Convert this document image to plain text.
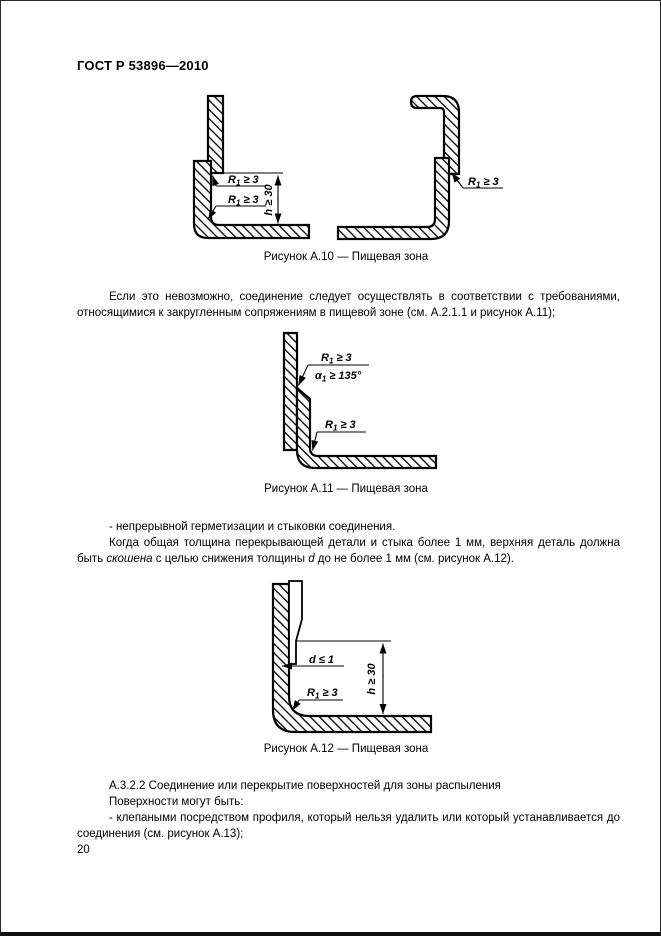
ГОСТ Р 53896—2010
$R_1 \ge 3$
$R_1 \ge 3$
$R_1 \ge 3$
h ≥ 30
Рисунок А.10 — Пищевая зона

Если это невозможно, соединение следует осуществлять в соответствии с требованиями, относящимися к закругленным сопряжениям в пищевой зоне (см. А.2.1.1 и рисунок А.11);

$R_1 \ge 3$
$\alpha_1 \ge 135^\circ$
$R_1 \ge 3$
Рисунок А.11 — Пищевая зона

- непрерывной герметизации и стыковки соединения.

Когда общая толщина перекрывающей детали и стыка более 1 мм, верхняя деталь должна быть скошена с целью снижения толщины d до не более 1 мм (см. рисунок А.12).

d ≤ 1
$R_1 \ge 3$	h ≥ 30
Рисунок А.12 — Пищевая зона

А.3.2.2 Соединение или перекрытие поверхностей для зоны распыления

Поверхности могут быть:

- клепаными посредством профиля, который нельзя удалить или который устанавливается до соединения (см. рисунок А.13);

20
